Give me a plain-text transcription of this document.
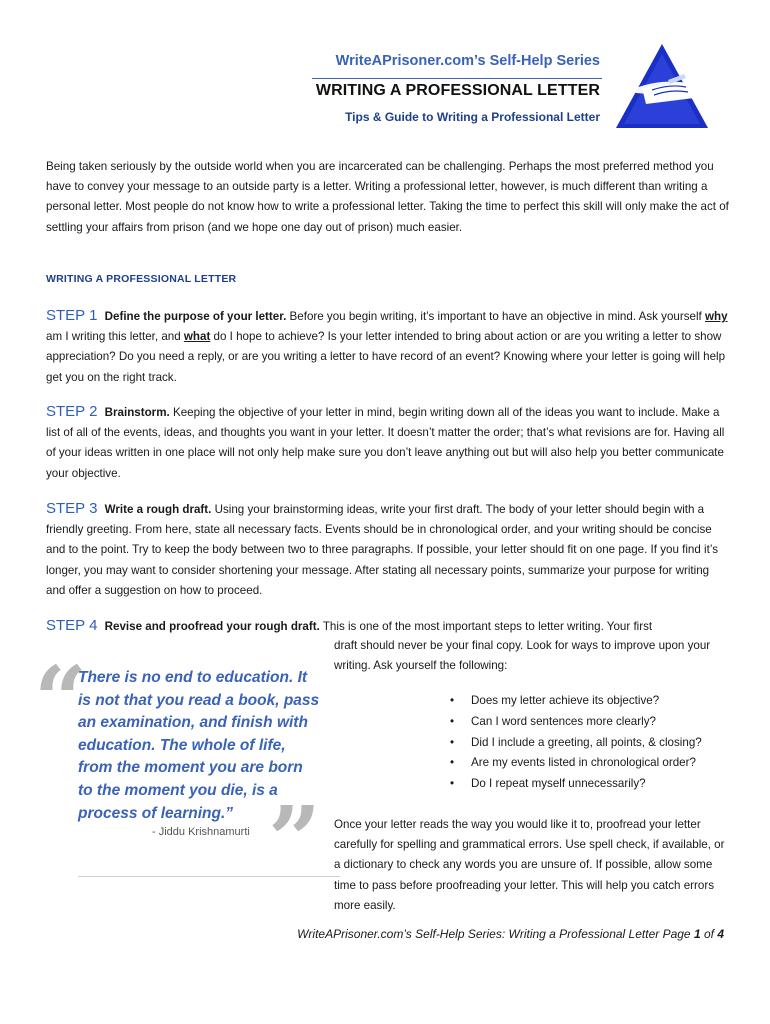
WriteAPrisoner.com’s Self-Help Series
WRITING A PROFESSIONAL LETTER
Tips & Guide to Writing a Professional Letter
Being taken seriously by the outside world when you are incarcerated can be challenging. Perhaps the most preferred method you have to convey your message to an outside party is a letter. Writing a professional letter, however, is much different than writing a personal letter. Most people do not know how to write a professional letter. Taking the time to perfect this skill will only make the act of settling your affairs from prison (and we hope one day out of prison) much easier.
WRITING A PROFESSIONAL LETTER
STEP 1 Define the purpose of your letter. Before you begin writing, it’s important to have an objective in mind. Ask yourself why am I writing this letter, and what do I hope to achieve? Is your letter intended to bring about action or are you writing a letter to show appreciation? Do you need a reply, or are you writing a letter to have record of an event? Knowing where your letter is going will help get you on the right track.
STEP 2 Brainstorm. Keeping the objective of your letter in mind, begin writing down all of the ideas you want to include. Make a list of all of the events, ideas, and thoughts you want in your letter. It doesn’t matter the order; that’s what revisions are for. Having all of your ideas written in one place will not only help make sure you don’t leave anything out but will also help you better communicate your objective.
STEP 3 Write a rough draft. Using your brainstorming ideas, write your first draft. The body of your letter should begin with a friendly greeting. From here, state all necessary facts. Events should be in chronological order, and your writing should be concise and to the point. Try to keep the body between two to three paragraphs. If possible, your letter should fit on one page. If you find it’s longer, you may want to consider shortening your message. After stating all necessary points, summarize your purpose for writing and offer a suggestion on how to proceed.
STEP 4 Revise and proofread your rough draft. This is one of the most important steps to letter writing. Your first
draft should never be your final copy. Look for ways to improve upon your writing. Ask yourself the following:
• Does my letter achieve its objective?
• Can I word sentences more clearly?
• Did I include a greeting, all points, & closing?
• Are my events listed in chronological order?
• Do I repeat myself unnecessarily?
Once your letter reads the way you would like it to, proofread your letter carefully for spelling and grammatical errors. Use spell check, if available, or a dictionary to check any words you are unsure of. If possible, allow some time to pass before proofreading your letter. This will help you catch errors more easily.
“
There is no end to education. It is not that you read a book, pass an examination, and finish with education. The whole of life, from the moment you are born to the moment you die, is a process of learning.”
- Jiddu Krishnamurti ”
WriteAPrisoner.com’s Self-Help Series: Writing a Professional Letter Page 1 of 4
